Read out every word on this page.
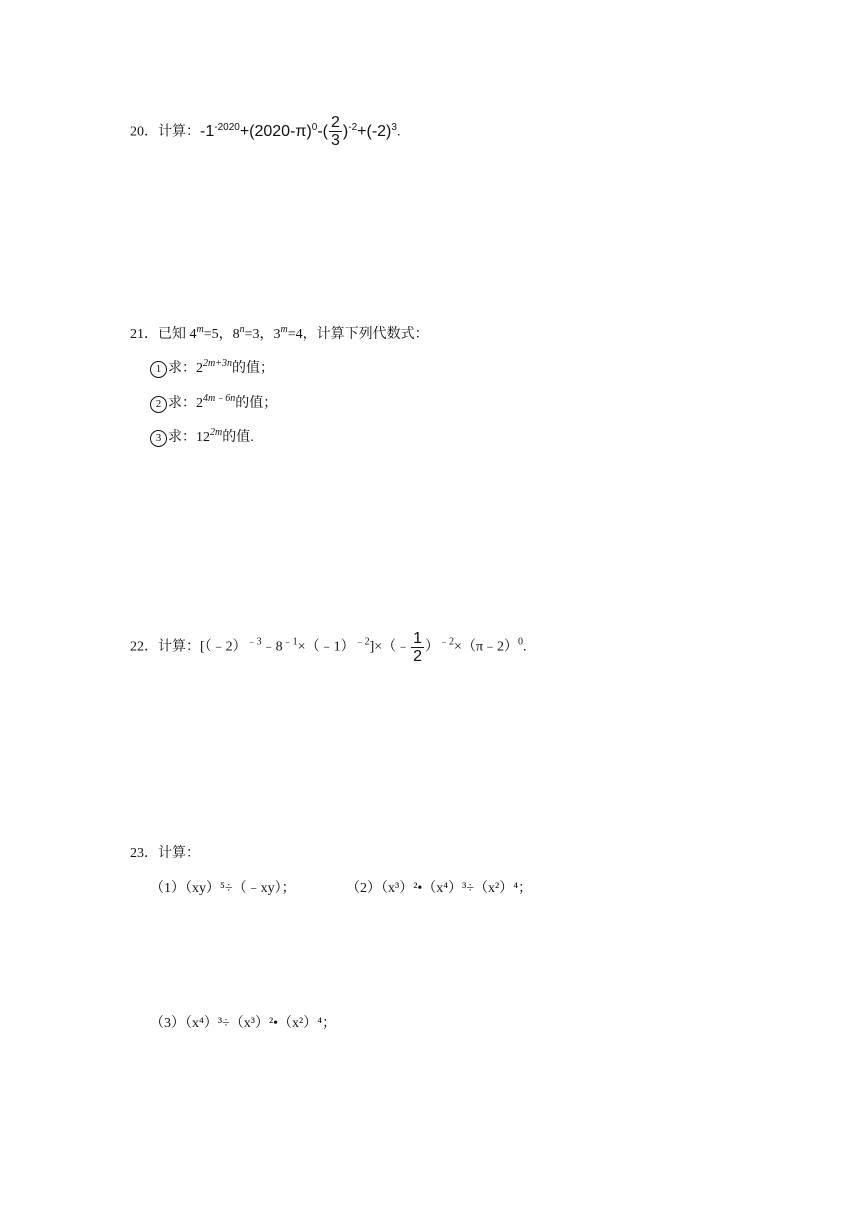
20．计算：$-1^{-2020}+(2020-\pi)^0-( \frac{2}{3} )^{-2}+(-2)^3$.
21．已知 $4^m=5$，$8^n=3$，$3^m=4$，计算下列代数式：
1 求：$2^{2m+3n}$的值；
2 求：$2^{4m﹣6n}$的值；
3 求：$12^{2m}$的值.
22．计算：$[(﹣2)^{﹣3}﹣8^{﹣1}\times(﹣1)^{﹣2}]\times(﹣ \frac{1}{2}$ ）$^{﹣2}$×（π﹣2）$^0$.
23．计算：
（1）（xy）⁵÷（﹣xy）；	（2）（x³）²•（x⁴）³÷（x²）⁴；
（3）（x⁴）³÷（x³）²•（x²）⁴；
